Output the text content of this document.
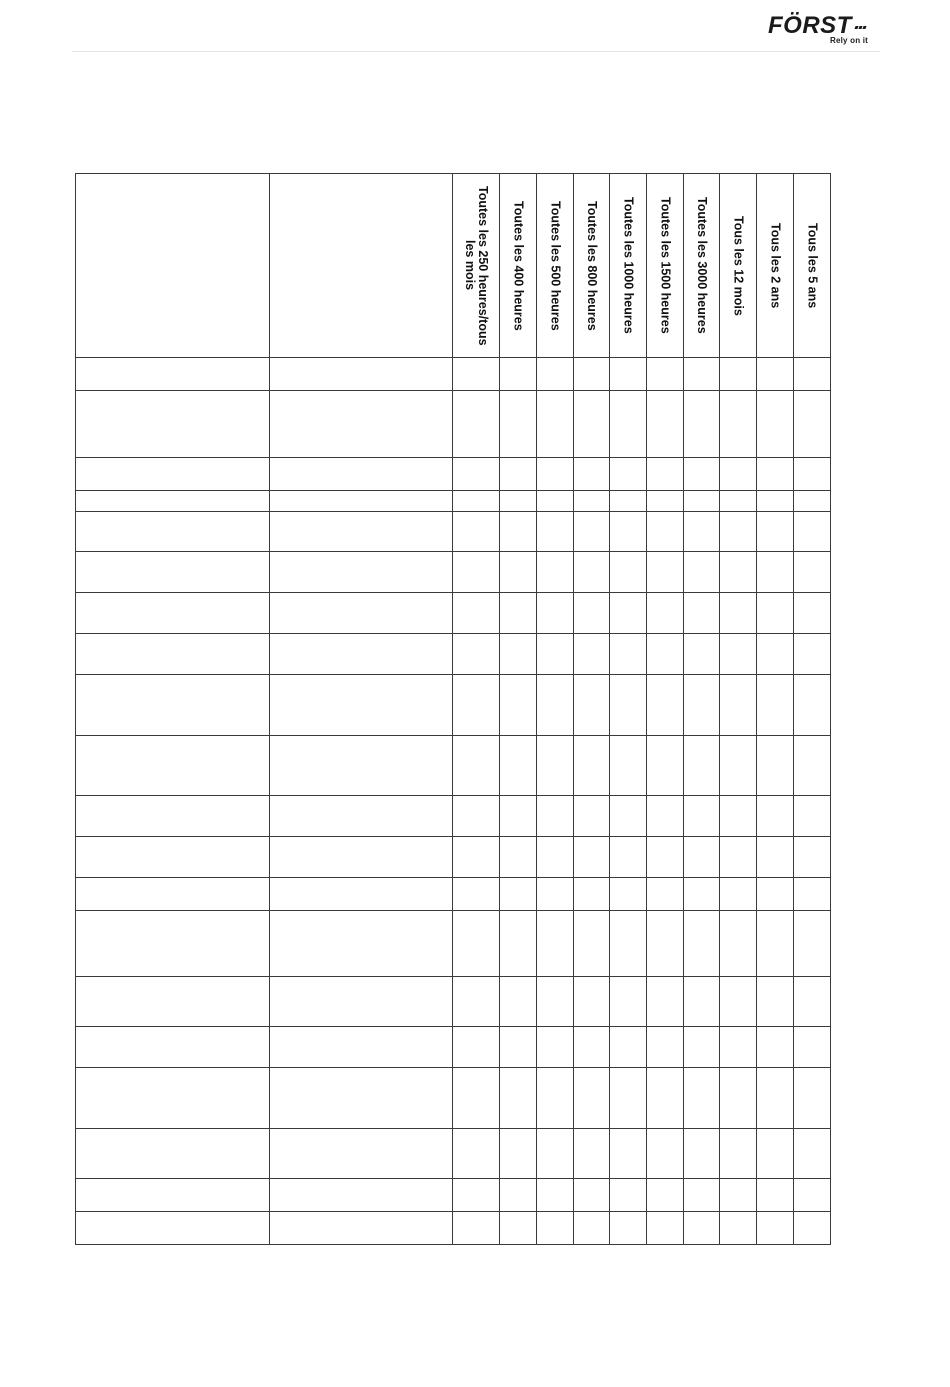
FÖRST
Rely on it

		Toutes les 250 heures/tous les mois	Toutes les 400 heures	Toutes les 500 heures	Toutes les 800 heures	Toutes les 1000 heures	Toutes les 1500 heures	Toutes les 3000 heures	Tous les 12 mois	Tous les 2 ans	Tous les 5 ans
